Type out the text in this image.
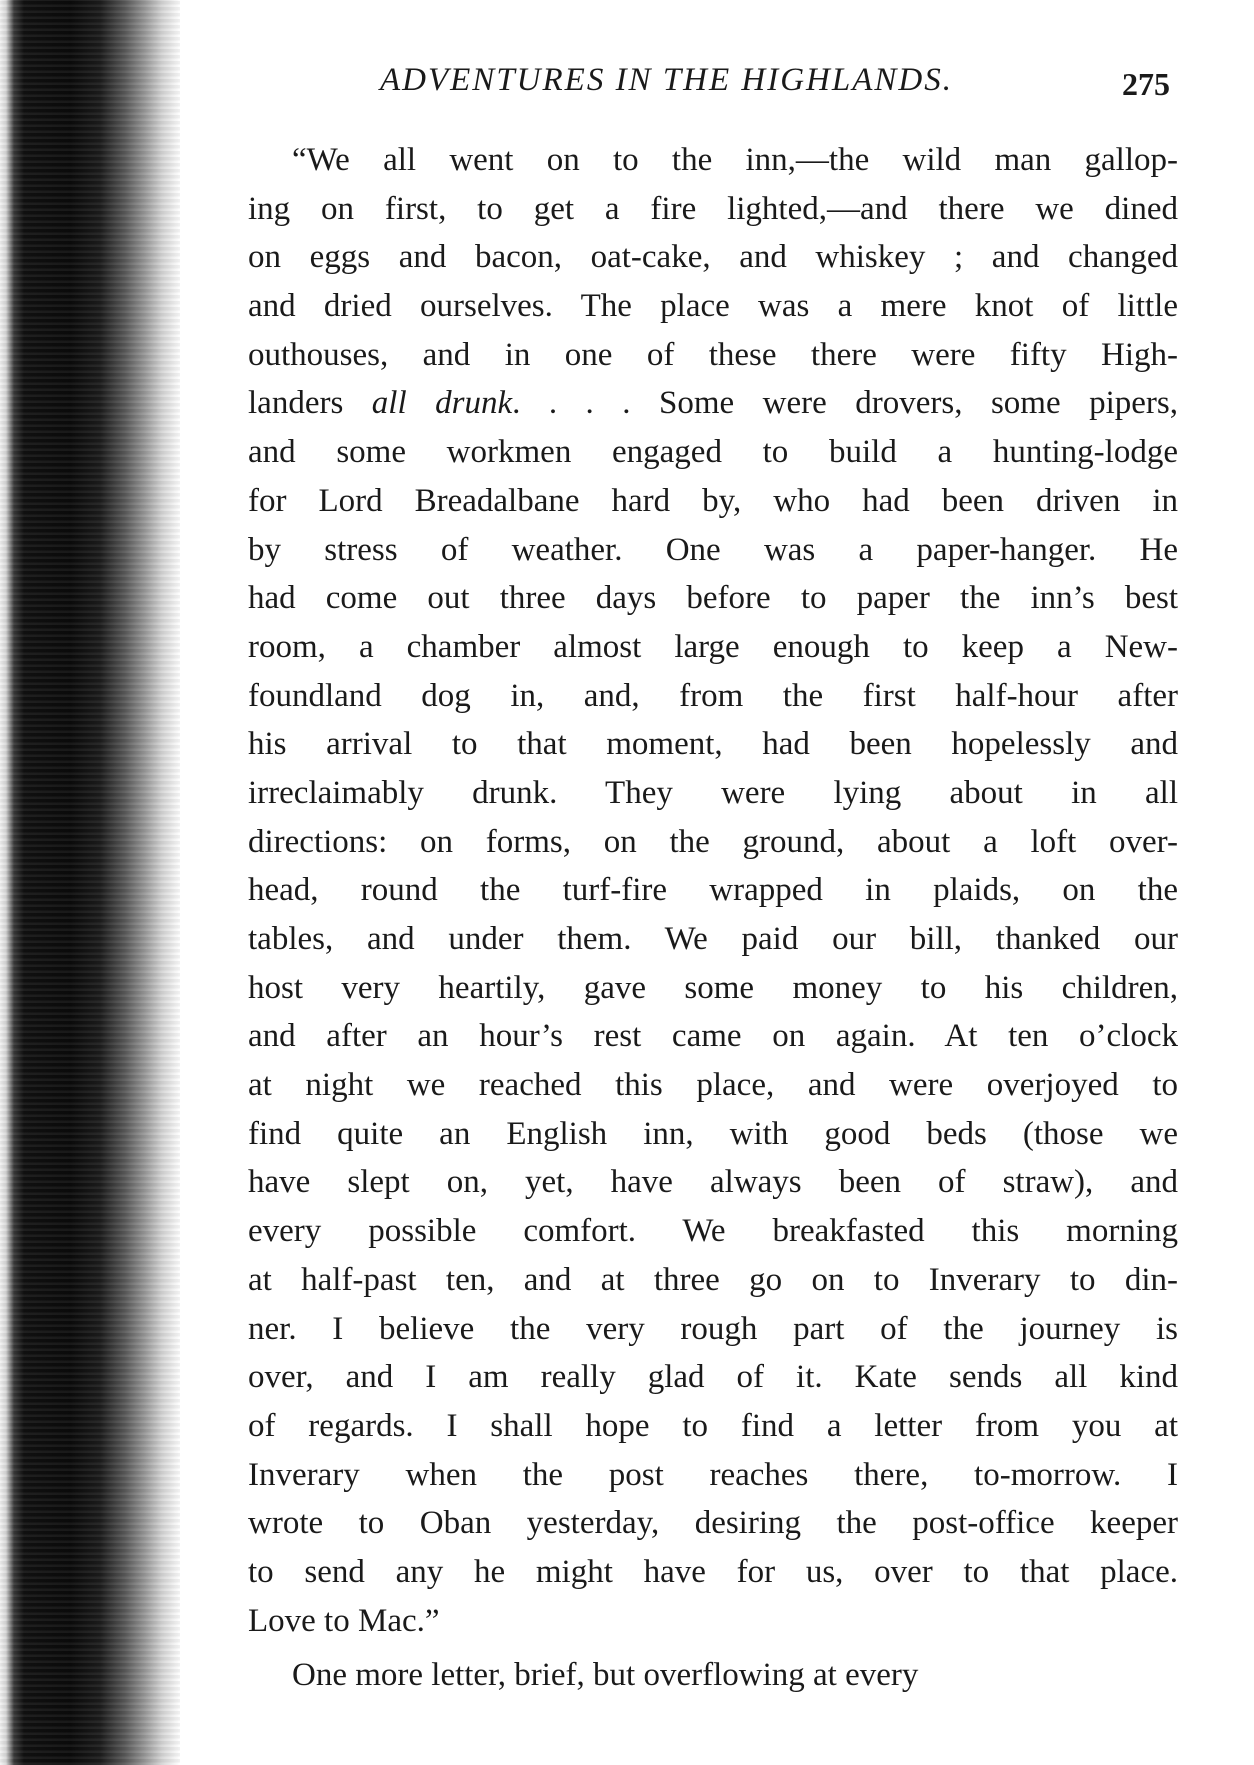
ADVENTURES IN THE HIGHLANDS.	275
“We all went on to the inn,—the wild man gallop-
ing on first, to get a fire lighted,—and there we dined
on eggs and bacon, oat-cake, and whiskey ; and changed
and dried ourselves. The place was a mere knot of little
outhouses, and in one of these there were fifty High-
landers all drunk. . . . Some were drovers, some pipers,
and some workmen engaged to build a hunting-lodge
for Lord Breadalbane hard by, who had been driven in
by stress of weather. One was a paper-hanger. He
had come out three days before to paper the inn’s best
room, a chamber almost large enough to keep a New-
foundland dog in, and, from the first half-hour after
his arrival to that moment, had been hopelessly and
irreclaimably drunk. They were lying about in all
directions: on forms, on the ground, about a loft over-
head, round the turf-fire wrapped in plaids, on the
tables, and under them. We paid our bill, thanked our
host very heartily, gave some money to his children,
and after an hour’s rest came on again. At ten o’clock
at night we reached this place, and were overjoyed to
find quite an English inn, with good beds (those we
have slept on, yet, have always been of straw), and
every possible comfort. We breakfasted this morning
at half-past ten, and at three go on to Inverary to din-
ner. I believe the very rough part of the journey is
over, and I am really glad of it. Kate sends all kind
of regards. I shall hope to find a letter from you at
Inverary when the post reaches there, to-morrow. I
wrote to Oban yesterday, desiring the post-office keeper
to send any he might have for us, over to that place.
Love to Mac.”
One more letter, brief, but overflowing at every
